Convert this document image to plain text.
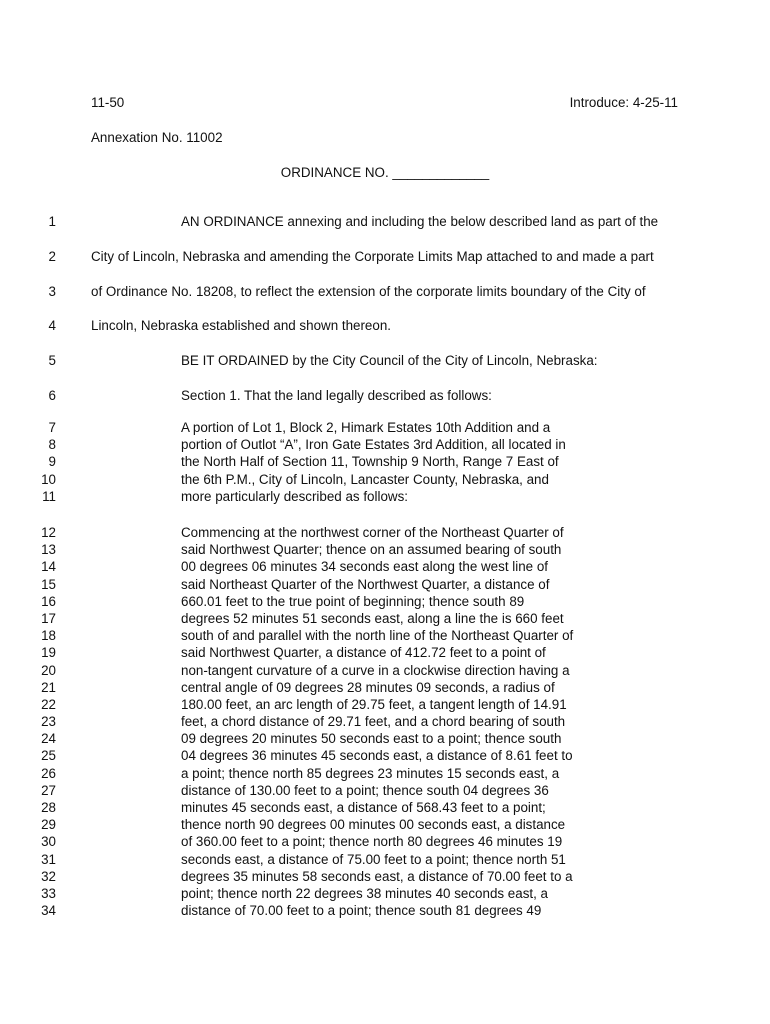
11-50	Introduce: 4-25-11
Annexation No. 11002
ORDINANCE NO. _____________
1	AN ORDINANCE annexing and including the below described land as part of the
2	City of Lincoln, Nebraska and amending the Corporate Limits Map attached to and made a part
3	of Ordinance No. 18208, to reflect the extension of the corporate limits boundary of the City of
4	Lincoln, Nebraska established and shown thereon.
5	BE IT ORDAINED by the City Council of the City of Lincoln, Nebraska:
6	Section 1. That the land legally described as follows:
7	A portion of Lot 1, Block 2, Himark Estates 10th Addition and a
8	portion of Outlot “A”, Iron Gate Estates 3rd Addition, all located in
9	the North Half of Section 11, Township 9 North, Range 7 East of
10	the 6th P.M., City of Lincoln, Lancaster County, Nebraska, and
11	more particularly described as follows:
12	Commencing at the northwest corner of the Northeast Quarter of
13	said Northwest Quarter; thence on an assumed bearing of south
14	00 degrees 06 minutes 34 seconds east along the west line of
15	said Northeast Quarter of the Northwest Quarter, a distance of
16	660.01 feet to the true point of beginning; thence south 89
17	degrees 52 minutes 51 seconds east, along a line the is 660 feet
18	south of and parallel with the north line of the Northeast Quarter of
19	said Northwest Quarter, a distance of 412.72 feet to a point of
20	non-tangent curvature of a curve in a clockwise direction having a
21	central angle of 09 degrees 28 minutes 09 seconds, a radius of
22	180.00 feet, an arc length of 29.75 feet, a tangent length of 14.91
23	feet, a chord distance of 29.71 feet, and a chord bearing of south
24	09 degrees 20 minutes 50 seconds east to a point; thence south
25	04 degrees 36 minutes 45 seconds east, a distance of 8.61 feet to
26	a point; thence north 85 degrees 23 minutes 15 seconds east, a
27	distance of 130.00 feet to a point; thence south 04 degrees 36
28	minutes 45 seconds east, a distance of 568.43 feet to a point;
29	thence north 90 degrees 00 minutes 00 seconds east, a distance
30	of 360.00 feet to a point; thence north 80 degrees 46 minutes 19
31	seconds east, a distance of 75.00 feet to a point; thence north 51
32	degrees 35 minutes 58 seconds east, a distance of 70.00 feet to a
33	point; thence north 22 degrees 38 minutes 40 seconds east, a
34	distance of 70.00 feet to a point; thence south 81 degrees 49
